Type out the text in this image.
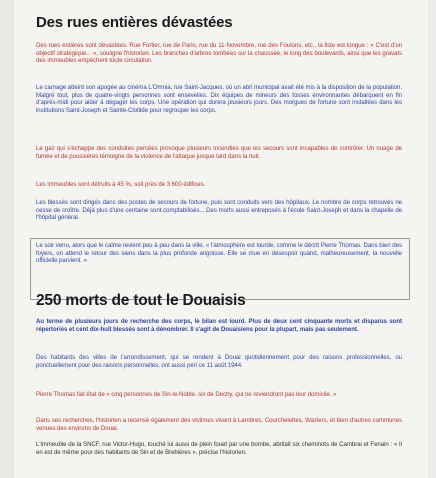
Des rues entières dévastées

Des rues entières sont dévastées. Rue Fortier, rue de Paris, rue du 11-Novembre, rue des Foulons, etc., la liste est longue : « C'est d'un objectif stratégique... », souligne l'historien. Les branches d'arbres tombées sur la chaussée, le long des boulevards, ainsi que les gravats des immeubles empêchent toute circulation.

Le carnage atteint son apogée au cinéma L'Omnia, rue Saint-Jacques, où un abri municipal avait été mis à la disposition de la population. Malgré tout, plus de quatre-vingts personnes sont ensevelies. Dix équipes de mineurs des fosses environnantes débarquent en fin d'après-midi pour aider à dégager les corps. Une opération qui durera plusieurs jours. Des morgues de fortune sont installées dans les institutions Saint-Joseph et Sainte-Clotilde pour regrouper les corps.

Le gaz qui s'échappe des conduites percées provoque plusieurs incendies que les secours sont incapables de contrôler. Un nuage de fumée et de poussières témoigne de la violence de l'attaque jusque tard dans la nuit.

Les immeubles sont détruits à 45 %, soit près de 3 600 édifices.

Les blessés sont dirigés dans des postes de secours de fortune, puis sont conduits vers des hôpitaux. Le nombre de corps retrouvés ne cesse de croître. Déjà plus d'une centaine sont comptabilisés... Des morts aussi entreposés à l'école Saint-Joseph et dans la chapelle de l'hôpital général.

Le soir venu, alors que le calme revient peu à peu dans la ville, « l'atmosphère est lourde, comme le décrit Pierre Thomas. Dans bien des foyers, on attend le retour des siens dans la plus profonde angoisse. Elle se mue en désespoir quand, malheureusement, la nouvelle officielle parvient. »

250 morts de tout le Douaisis

Au terme de plusieurs jours de recherche des corps, le bilan est lourd. Plus de deux cent cinquante morts et disparus sont répertoriés et cent dix-huit blessés sont à dénombrer. Il s'agit de Douaisiens pour la plupart, mais pas seulement.

Des habitants des villes de l'arrondissement, qui se rendent à Douai quotidiennement pour des raisons professionnelles, ou ponctuellement pour des raisons personnelles, ont aussi péri ce 11 août 1944.

Pierre Thomas fait état de « cinq personnes de Sin-le-Noble, six de Dechy, qui ne reviendront pas leur domicile. »

Dans ses recherches, l'historien a recensé également des victimes vivant à Lambres, Courchelettes, Waziers, et bien d'autres communes venues des environs de Douai.

L'immeuble de la SNCF, rue Victor-Hugo, touché lui aussi de plein fouet par une bombe, abritait six cheminots de Cambrai et Fenain : « Il en est de même pour des habitants de Sin et de Brebières », précise l'historien.
